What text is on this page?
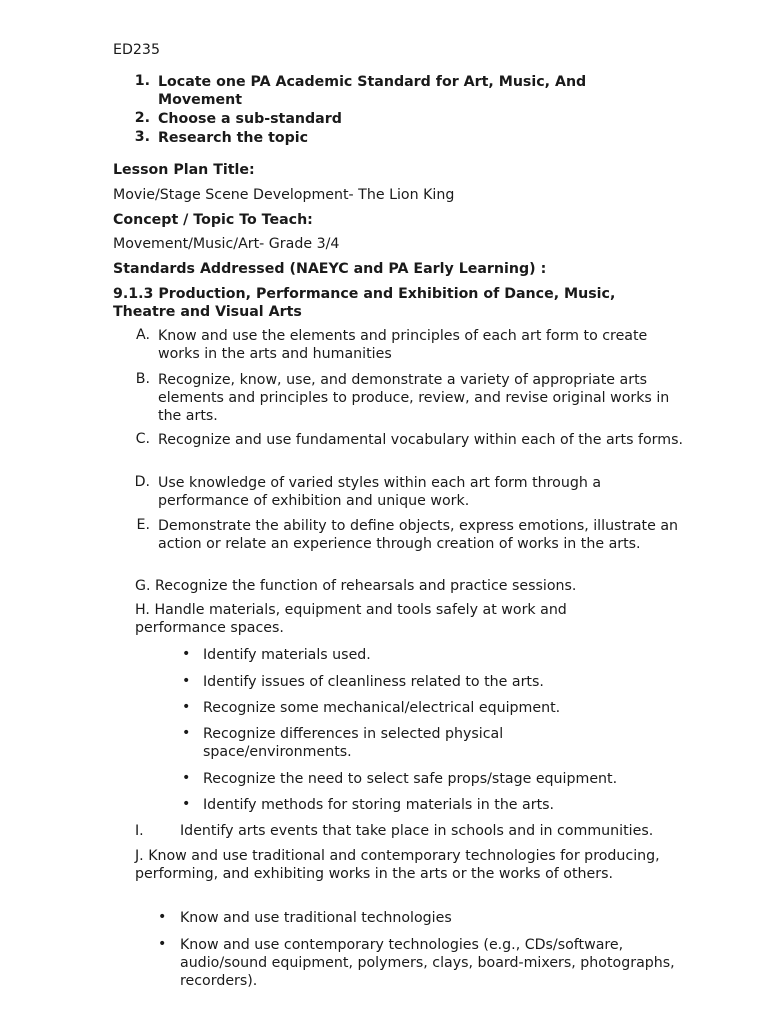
ED235
1. Locate one PA Academic Standard for Art, Music, And Movement
2. Choose a sub-standard
3. Research the topic
Lesson Plan Title:
Movie/Stage Scene Development- The Lion King
Concept / Topic To Teach:
Movement/Music/Art- Grade 3/4
Standards Addressed (NAEYC and PA Early Learning) :
9.1.3 Production, Performance and Exhibition of Dance, Music, Theatre and Visual Arts
A. Know and use the elements and principles of each art form to create works in the arts and humanities
B. Recognize, know, use, and demonstrate a variety of appropriate arts elements and principles to produce, review, and revise original works in the arts.
C. Recognize and use fundamental vocabulary within each of the arts forms.
D. Use knowledge of varied styles within each art form through a performance of exhibition and unique work.
E. Demonstrate the ability to define objects, express emotions, illustrate an action or relate an experience through creation of works in the arts.
G. Recognize the function of rehearsals and practice sessions.
H. Handle materials, equipment and tools safely at work and performance spaces.
• Identify materials used.
• Identify issues of cleanliness related to the arts.
• Recognize some mechanical/electrical equipment.
• Recognize differences in selected physical space/environments.
• Recognize the need to select safe props/stage equipment.
• Identify methods for storing materials in the arts.
I.	Identify arts events that take place in schools and in communities.
J. Know and use traditional and contemporary technologies for producing, performing, and exhibiting works in the arts or the works of others.
• Know and use traditional technologies
• Know and use contemporary technologies (e.g., CDs/software, audio/sound equipment, polymers, clays, board-mixers, photographs, recorders).
